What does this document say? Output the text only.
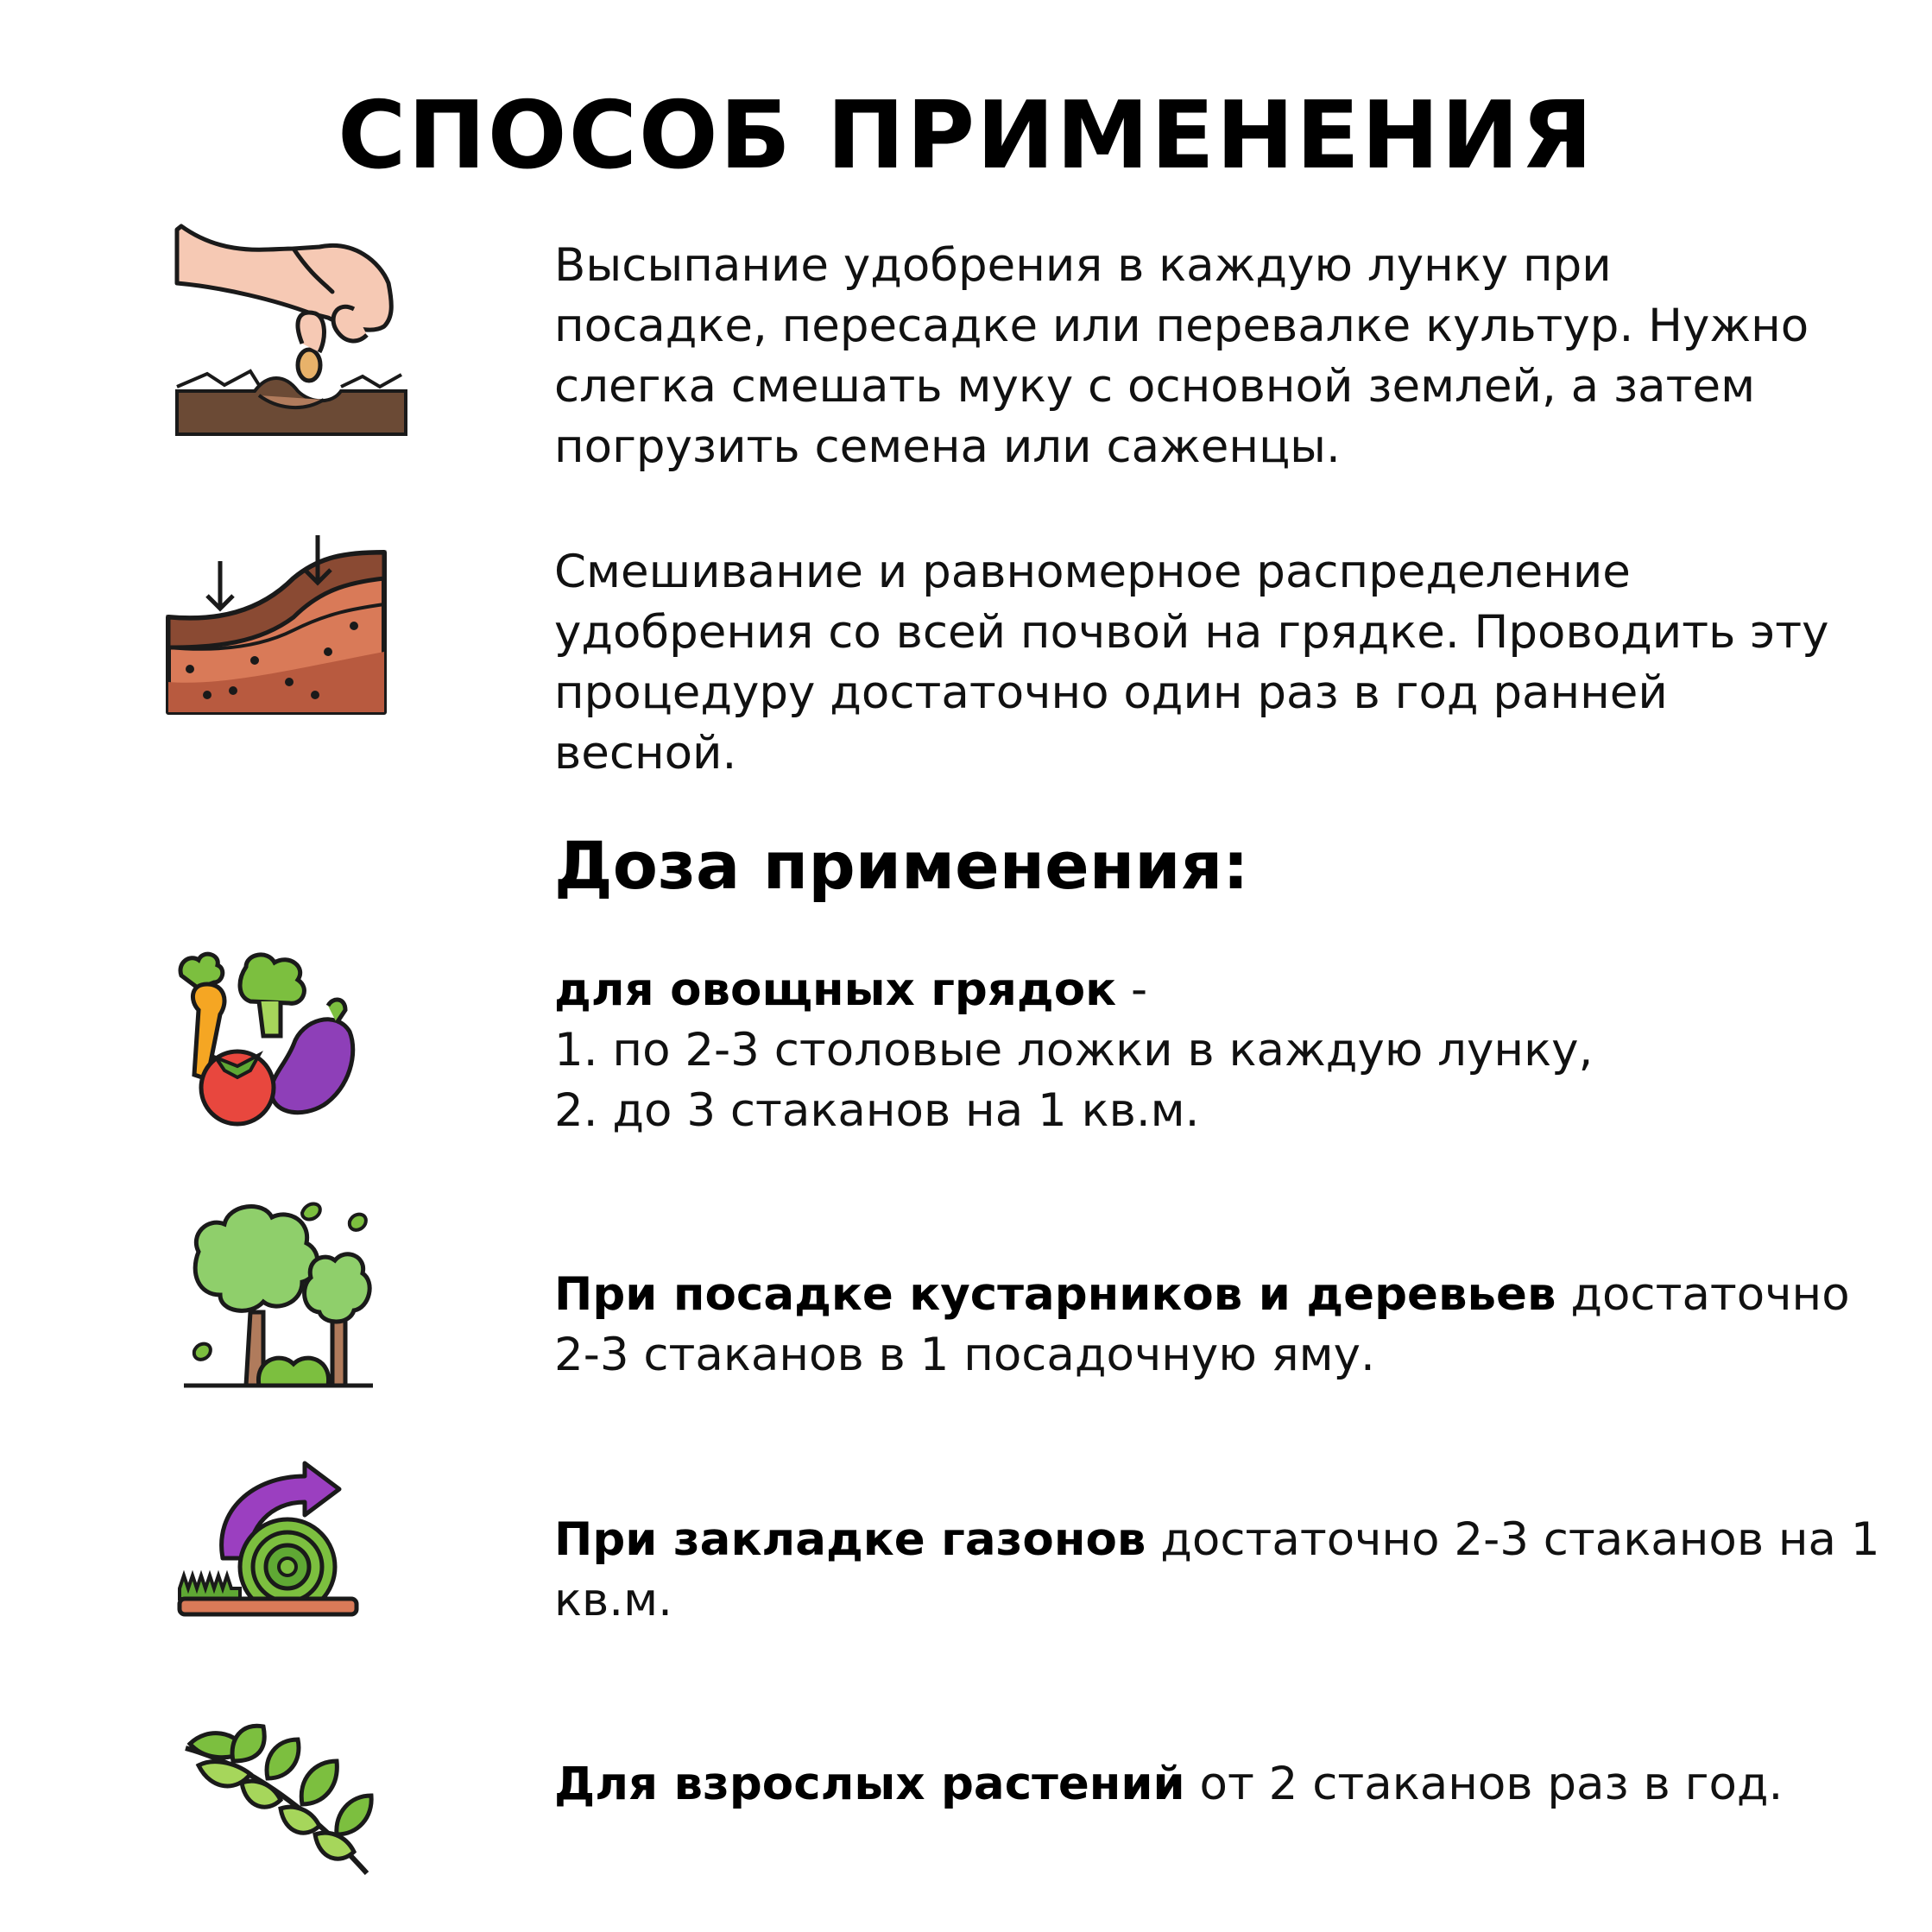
СПОСОБ ПРИМЕНЕНИЯ
Высыпание удобрения в каждую лунку при посадке, пересадке или перевалке культур. Нужно слегка смешать муку с основной землей, а затем погрузить семена или саженцы.
Смешивание и равномерное распределение удобрения со всей почвой на грядке. Проводить эту процедуру достаточно один раз в год ранней весной.
Доза применения:
для овощных грядок -
1. по 2-3 столовые ложки в каждую лунку,
2. до 3 стаканов на 1 кв.м.
При посадке кустарников и деревьев достаточно 2-3 стаканов в 1 посадочную яму.
При закладке газонов достаточно 2-3 стаканов на 1 кв.м.
Для взрослых растений от 2 стаканов раз в год.
